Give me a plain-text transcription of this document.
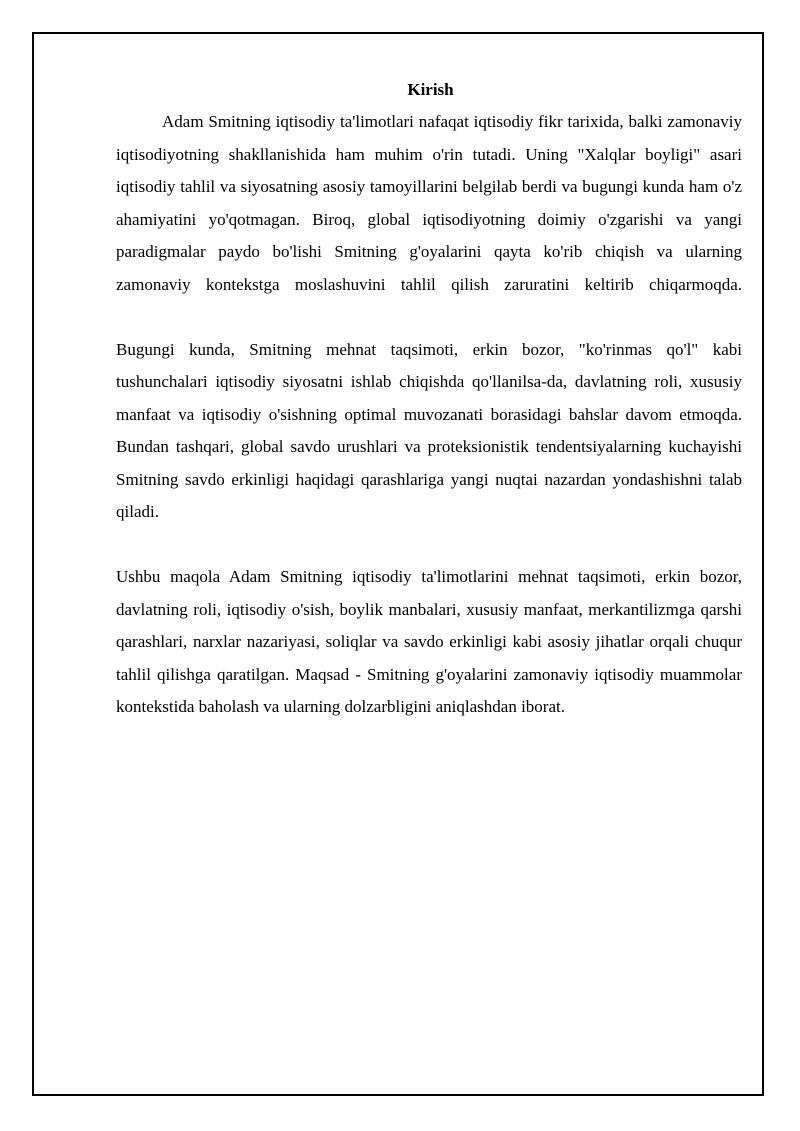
Kirish

Adam Smitning iqtisodiy ta'limotlari nafaqat iqtisodiy fikr tarixida, balki zamonaviy iqtisodiyotning shakllanishida ham muhim o'rin tutadi. Uning "Xalqlar boyligi" asari iqtisodiy tahlil va siyosatning asosiy tamoyillarini belgilab berdi va bugungi kunda ham o'z ahamiyatini yo'qotmagan. Biroq, global iqtisodiyotning doimiy o'zgarishi va yangi paradigmalar paydo bo'lishi Smitning g'oyalarini qayta ko'rib chiqish va ularning zamonaviy kontekstga moslashuvini tahlil qilish zaruratini keltirib chiqarmoqda.

Bugungi kunda, Smitning mehnat taqsimoti, erkin bozor, "ko'rinmas qo'l" kabi tushunchalari iqtisodiy siyosatni ishlab chiqishda qo'llanilsa-da, davlatning roli, xususiy manfaat va iqtisodiy o'sishning optimal muvozanati borasidagi bahslar davom etmoqda. Bundan tashqari, global savdo urushlari va proteksionistik tendentsiyalarning kuchayishi Smitning savdo erkinligi haqidagi qarashlariga yangi nuqtai nazardan yondashishni talab qiladi.

Ushbu maqola Adam Smitning iqtisodiy ta'limotlarini mehnat taqsimoti, erkin bozor, davlatning roli, iqtisodiy o'sish, boylik manbalari, xususiy manfaat, merkantilizmga qarshi qarashlari, narxlar nazariyasi, soliqlar va savdo erkinligi kabi asosiy jihatlar orqali chuqur tahlil qilishga qaratilgan. Maqsad - Smitning g'oyalarini zamonaviy iqtisodiy muammolar kontekstida baholash va ularning dolzarbligini aniqlashdan iborat.
